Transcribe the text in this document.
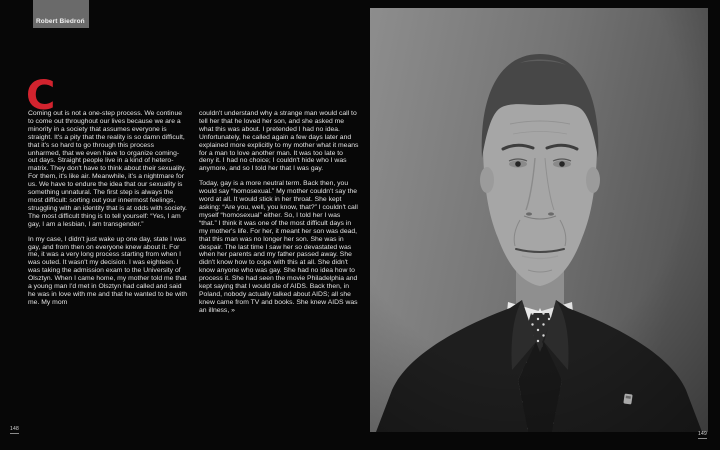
Robert Biedroń
C

Coming out is not a one-step process. We continue to come out throughout our lives because we are a minority in a society that assumes everyone is straight. It's a pity that the reality is so damn difficult, that it's so hard to go through this process unharmed, that we even have to organize coming-out days. Straight people live in a kind of hetero-matrix. They don't have to think about their sexuality. For them, it's like air. Meanwhile, it's a nightmare for us. We have to endure the idea that our sexuality is something unnatural. The first step is always the most difficult: sorting out your innermost feelings, struggling with an identity that is at odds with society. The most difficult thing is to tell yourself: “Yes, I am gay, I am a lesbian, I am transgender.”

In my case, I didn't just wake up one day, state I was gay, and from then on everyone knew about it. For me, it was a very long process starting from when I was outed. It wasn't my decision. I was eighteen. I was taking the admission exam to the University of Olsztyn. When I came home, my mother told me that a young man I'd met in Olsztyn had called and said he was in love with me and that he wanted to be with me. My mom

couldn't understand why a strange man would call to tell her that he loved her son, and she asked me what this was about. I pretended I had no idea. Unfortunately, he called again a few days later and explained more explicitly to my mother what it means for a man to love another man. It was too late to deny it. I had no choice; I couldn't hide who I was anymore, and so I told her that I was gay.

Today, gay is a more neutral term. Back then, you would say “homosexual.” My mother couldn't say the word at all. It would stick in her throat. She kept asking: “Are you, well, you know, that?” I couldn't call myself “homosexual” either. So, I told her I was “that.” I think it was one of the most difficult days in my mother's life. For her, it meant her son was dead, that this man was no longer her son. She was in despair. The last time I saw her so devastated was when her parents and my father passed away. She didn't know how to cope with this at all. She didn't know anyone who was gay. She had no idea how to process it. She had seen the movie Philadelphia and kept saying that I would die of AIDS. Back then, in Poland, nobody actually talked about AIDS; all she knew came from TV and books. She knew AIDS was an illness, »

148
149
